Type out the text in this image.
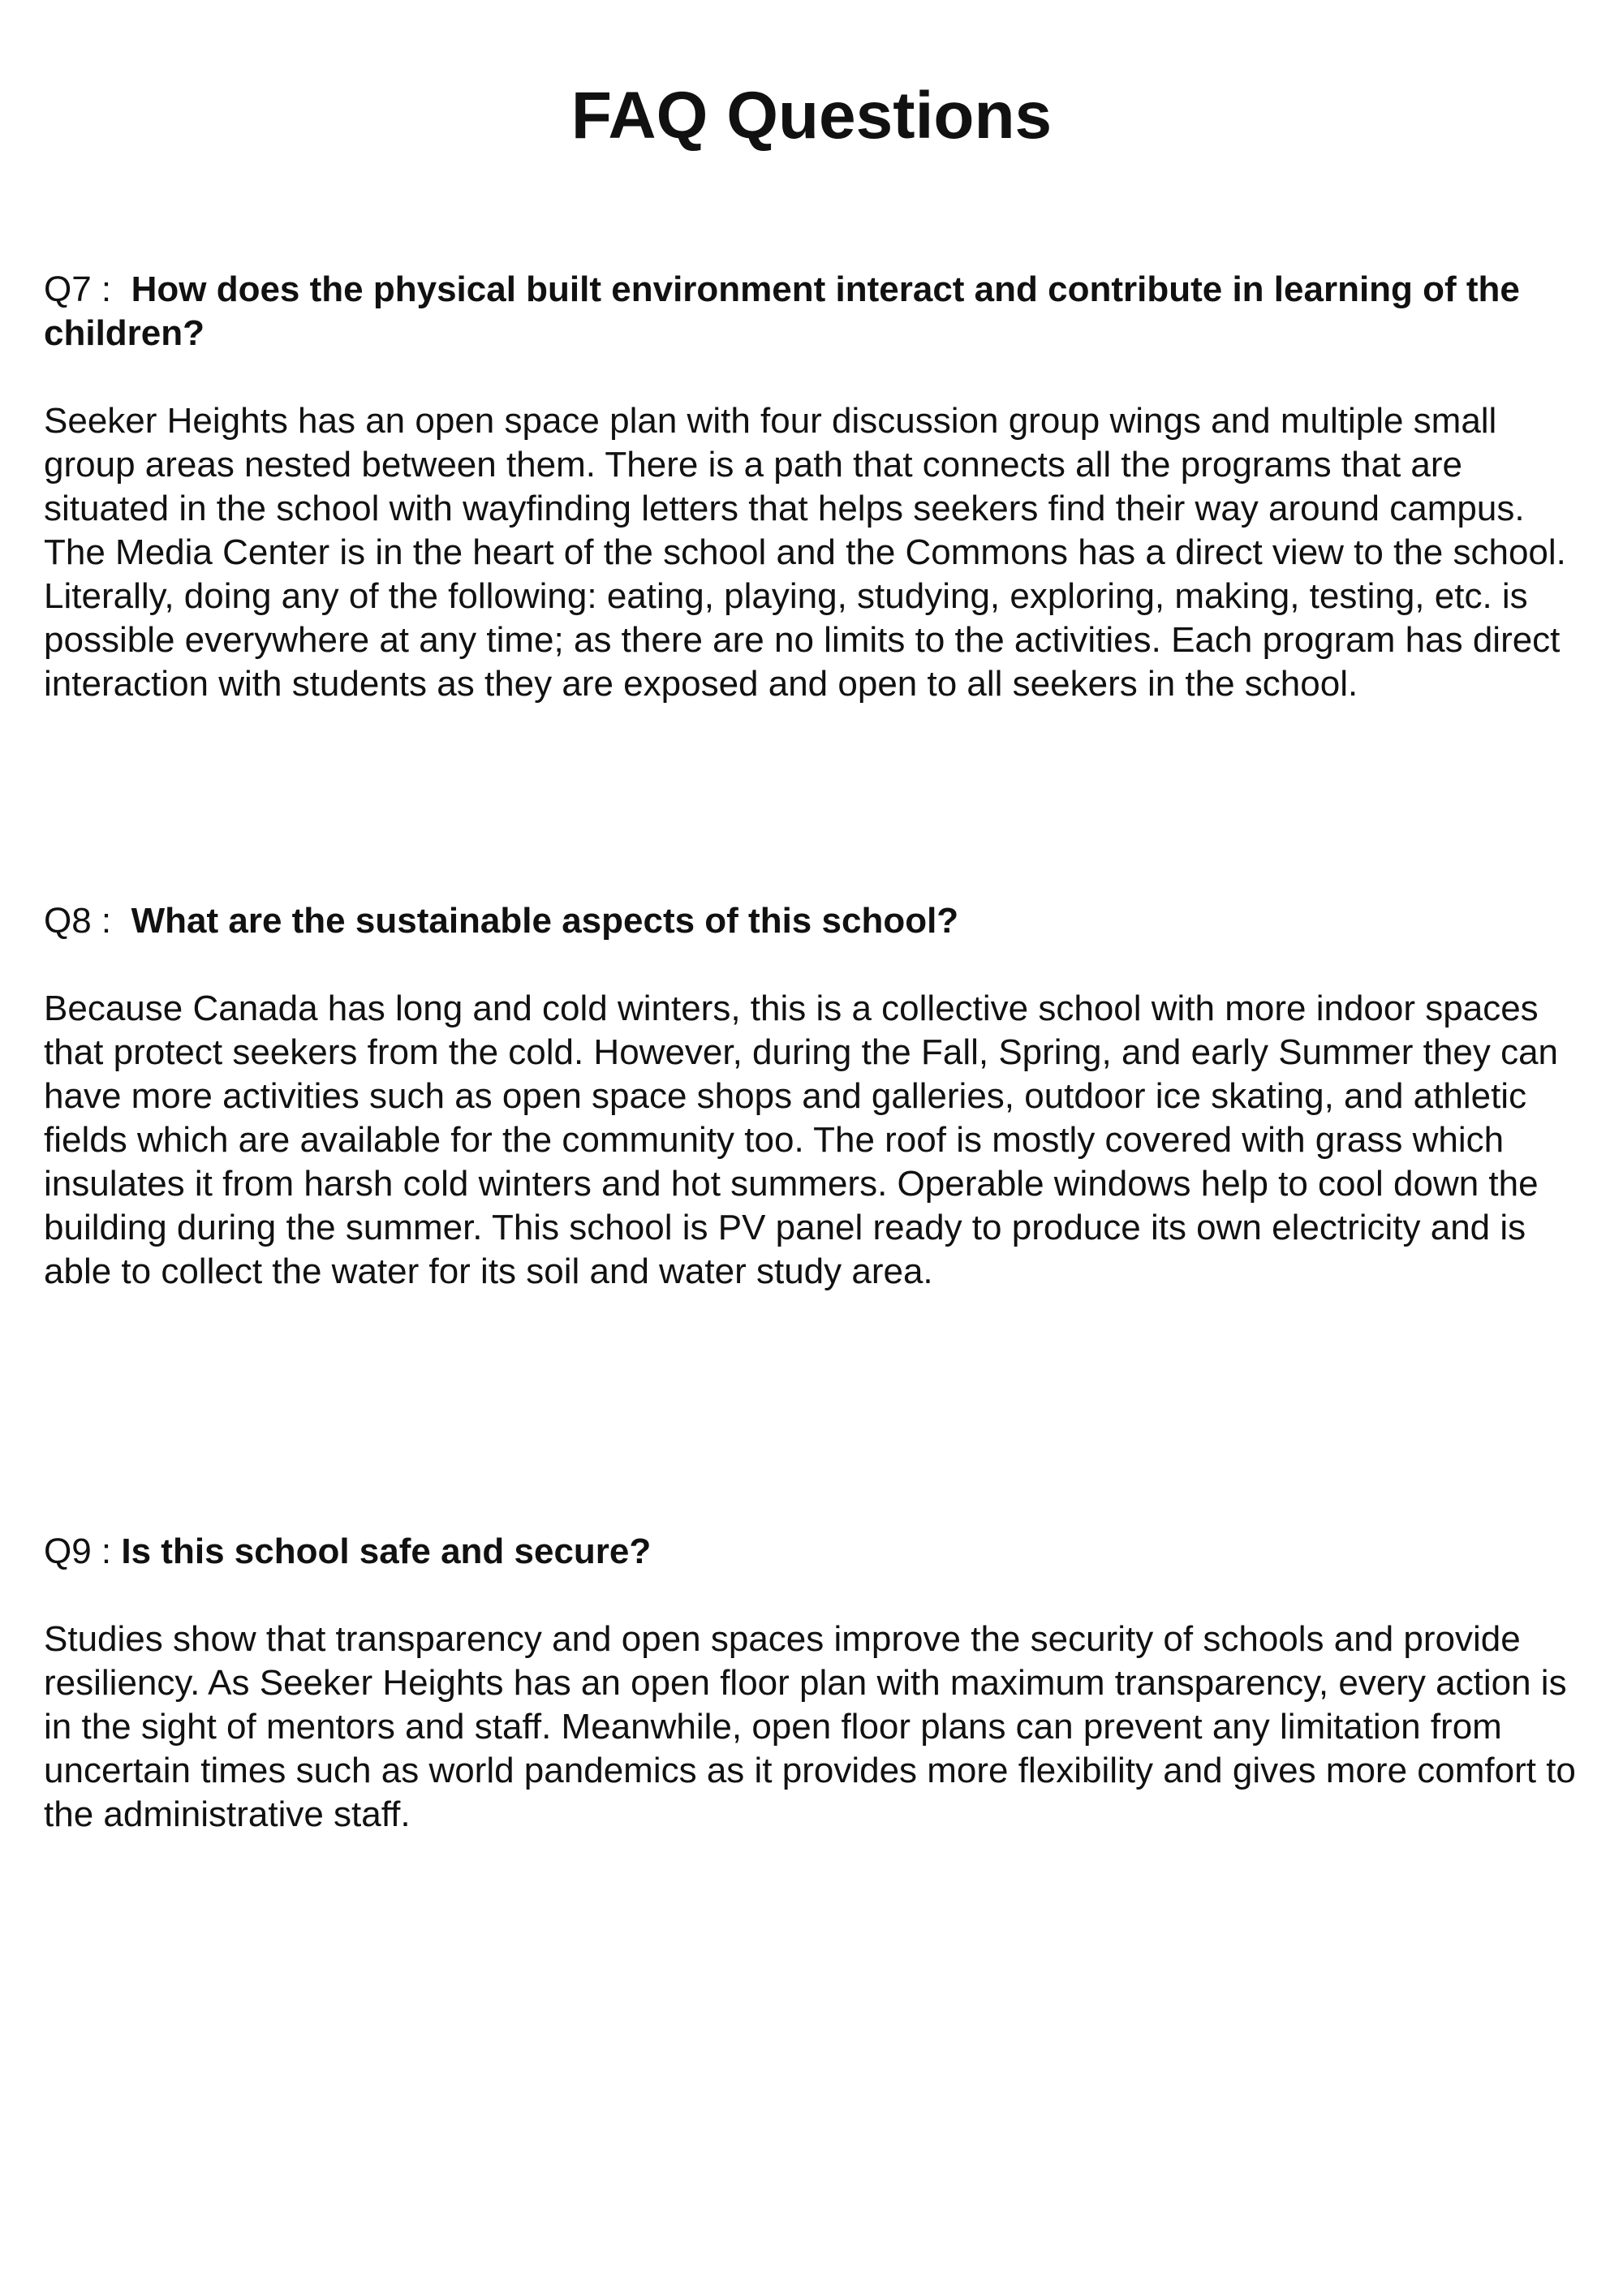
FAQ Questions

Q7 : How does the physical built environment interact and contribute in learning of the children?

Seeker Heights has an open space plan with four discussion group wings and multiple small group areas nested between them. There is a path that connects all the programs that are situated in the school with wayfinding letters that helps seekers find their way around campus. The Media Center is in the heart of the school and the Commons has a direct view to the school. Literally, doing any of the following: eating, playing, studying, exploring, making, testing, etc. is possible everywhere at any time; as there are no limits to the activities. Each program has direct interaction with students as they are exposed and open to all seekers in the school.

Q8 : What are the sustainable aspects of this school?

Because Canada has long and cold winters, this is a collective school with more indoor spaces that protect seekers from the cold. However, during the Fall, Spring, and early Summer they can have more activities such as open space shops and galleries, outdoor ice skating, and athletic fields which are available for the community too. The roof is mostly covered with grass which insulates it from harsh cold winters and hot summers. Operable windows help to cool down the building during the summer. This school is PV panel ready to produce its own electricity and is able to collect the water for its soil and water study area.

Q9 : Is this school safe and secure?

Studies show that transparency and open spaces improve the security of schools and provide resiliency. As Seeker Heights has an open floor plan with maximum transparency, every action is in the sight of mentors and staff. Meanwhile, open floor plans can prevent any limitation from uncertain times such as world pandemics as it provides more flexibility and gives more comfort to the administrative staff.
